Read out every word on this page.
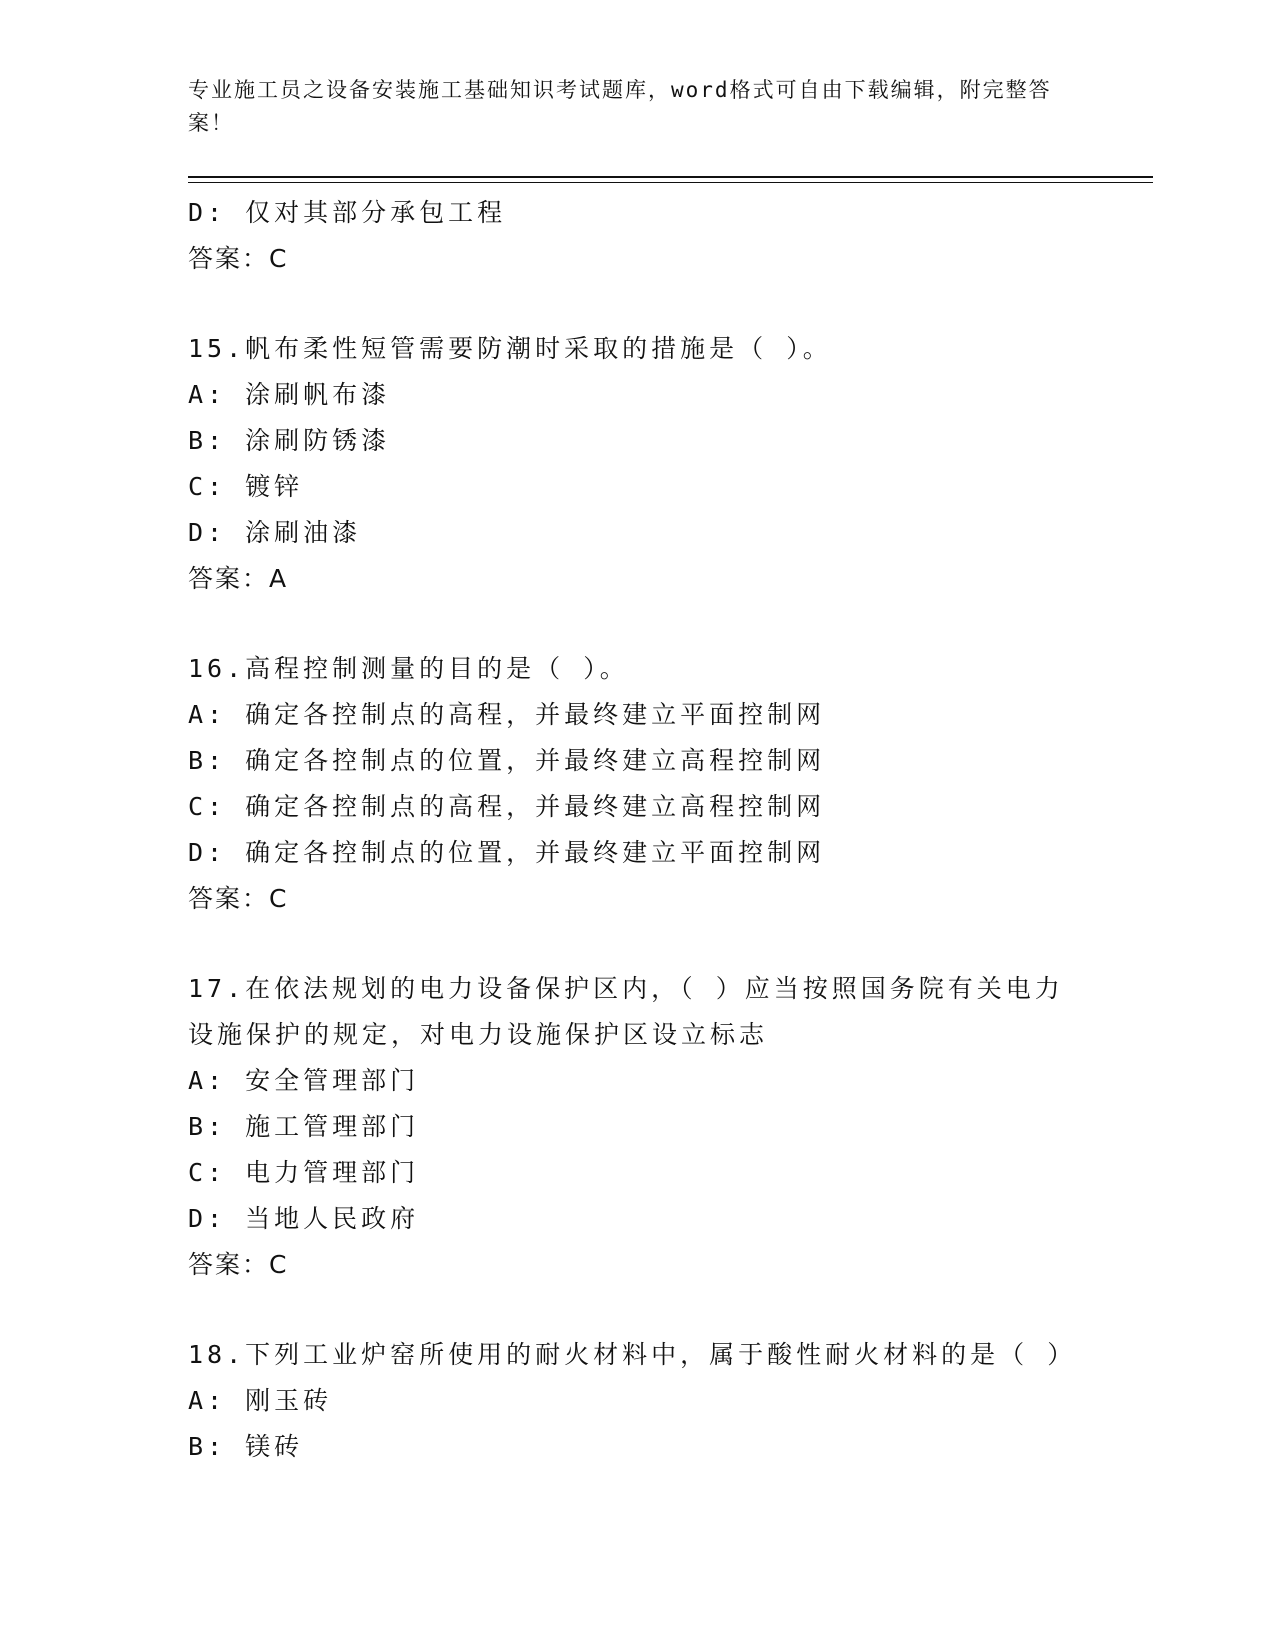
专业施工员之设备安装施工基础知识考试题库，word格式可自由下载编辑，附完整答案！
D: 仅对其部分承包工程
答案：C
15.帆布柔性短管需要防潮时采取的措施是（ ）。
A: 涂刷帆布漆
B: 涂刷防锈漆
C: 镀锌
D: 涂刷油漆
答案：A
16.高程控制测量的目的是（ ）。
A: 确定各控制点的高程，并最终建立平面控制网
B: 确定各控制点的位置，并最终建立高程控制网
C: 确定各控制点的高程，并最终建立高程控制网
D: 确定各控制点的位置，并最终建立平面控制网
答案：C
17.在依法规划的电力设备保护区内，（ ）应当按照国务院有关电力设施保护的规定，对电力设施保护区设立标志
A: 安全管理部门
B: 施工管理部门
C: 电力管理部门
D: 当地人民政府
答案：C
18.下列工业炉窑所使用的耐火材料中，属于酸性耐火材料的是（ ）
A: 刚玉砖
B: 镁砖
